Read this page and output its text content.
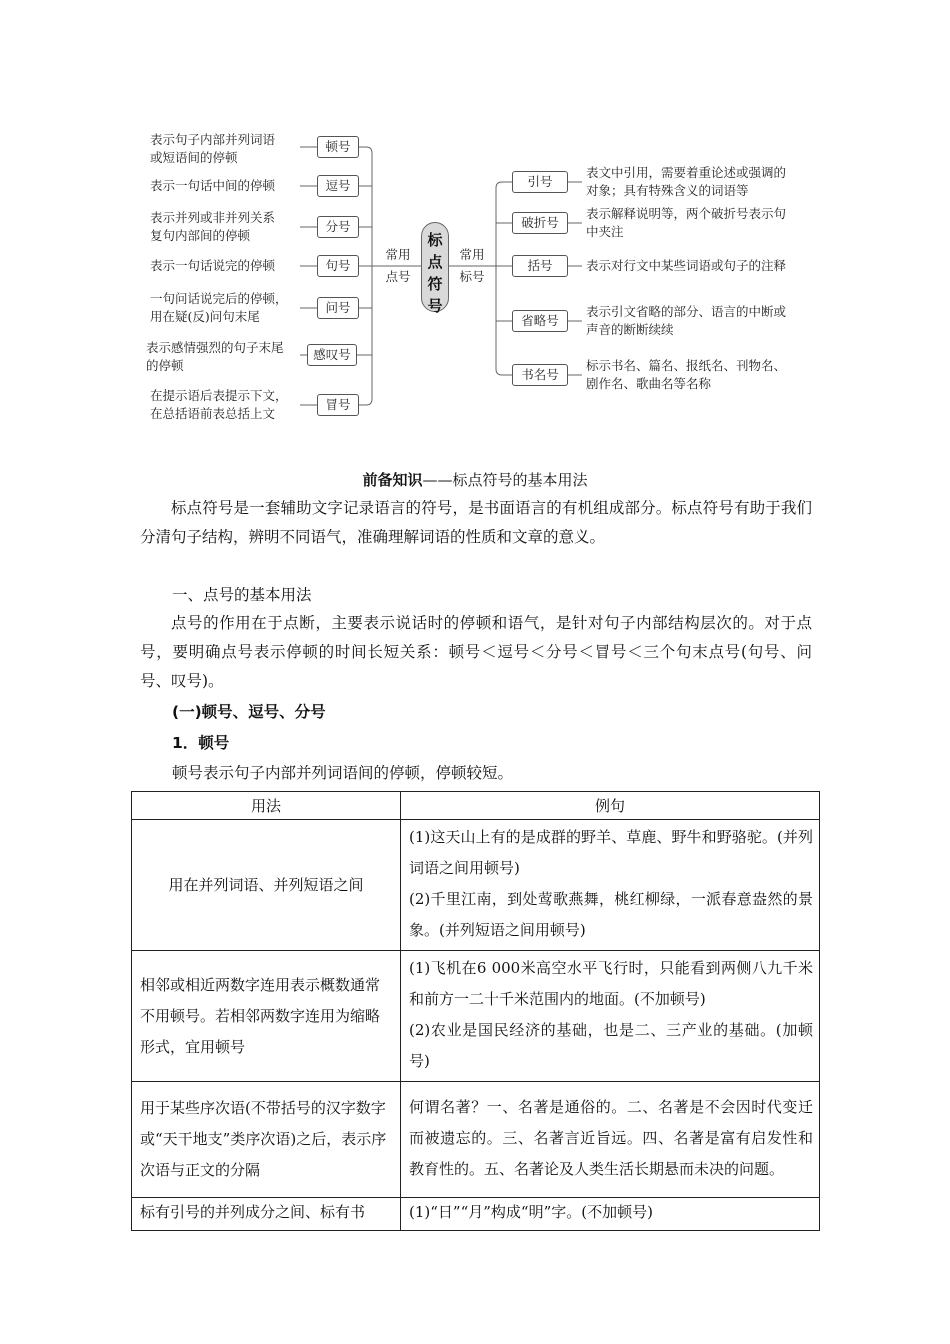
表示句子内部并列词语
或短语间的停顿
表示一句话中间的停顿
表示并列或非并列关系
复句内部间的停顿
表示一句话说完的停顿
一句问话说完后的停顿，
用在疑(反)问句末尾
表示感情强烈的句子末尾
的停顿
在提示语后表提示下文，
在总括语前表总括上文
顿号
逗号
分号
句号
问号
感叹号
冒号
常用
点号
常用
标号
标
点
符
号
引号
破折号
括号
省略号
书名号
表文中引用，需要着重论述或强调的
对象；具有特殊含义的词语等
表示解释说明等，两个破折号表示句
中夹注
表示对行文中某些词语或句子的注释
表示引文省略的部分、语言的中断或
声音的断断续续
标示书名、篇名、报纸名、刊物名、
剧作名、歌曲名等名称
前备知识——标点符号的基本用法
标点符号是一套辅助文字记录语言的符号，是书面语言的有机组成部分。标点符号有助于我们分清句子结构，辨明不同语气，准确理解词语的性质和文章的意义。
一、点号的基本用法
点号的作用在于点断，主要表示说话时的停顿和语气，是针对句子内部结构层次的。对于点号，要明确点号表示停顿的时间长短关系：顿号＜逗号＜分号＜冒号＜三个句末点号(句号、问号、叹号)。
(一)顿号、逗号、分号
1．顿号
顿号表示句子内部并列词语间的停顿，停顿较短。
用法	例句
用在并列词语、并列短语之间	(1)这天山上有的是成群的野羊、草鹿、野牛和野骆驼。(并列词语之间用顿号)

(2)千里江南，到处莺歌燕舞，桃红柳绿，一派春意盎然的景象。(并列短语之间用顿号)

相邻或相近两数字连用表示概数通常不用顿号。若相邻两数字连用为缩略形式，宜用顿号	(1)飞机在6 000米高空水平飞行时，只能看到两侧八九千米和前方一二十千米范围内的地面。(不加顿号)

(2)农业是国民经济的基础，也是二、三产业的基础。(加顿号)

用于某些序次语(不带括号的汉字数字或“天干地支”类序次语)之后，表示序次语与正文的分隔	何谓名著？一、名著是通俗的。二、名著是不会因时代变迁而被遗忘的。三、名著言近旨远。四、名著是富有启发性和教育性的。五、名著论及人类生活长期悬而未决的问题。

标有引号的并列成分之间、标有书	(1)“日”“月”构成“明”字。(不加顿号)
